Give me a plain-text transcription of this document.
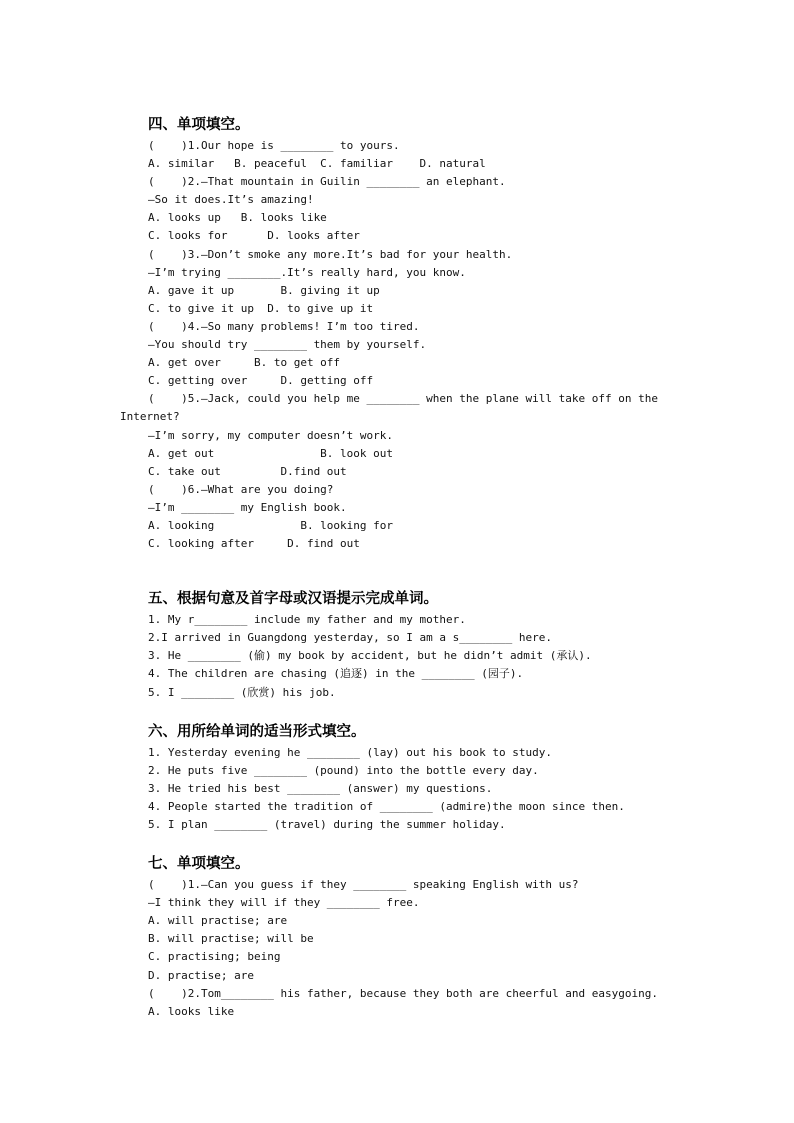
四、单项填空。
(    )1.Our hope is ________ to yours.
A. similar   B. peaceful  C. familiar    D. natural
(    )2.—That mountain in Guilin ________ an elephant.
—So it does.It’s amazing!
A. looks up   B. looks like
C. looks for      D. looks after
(    )3.—Don’t smoke any more.It’s bad for your health.
—I’m trying ________.It’s really hard, you know.
A. gave it up       B. giving it up
C. to give it up  D. to give up it
(    )4.—So many problems! I’m too tired.
—You should try ________ them by yourself.
A. get over     B. to get off
C. getting over     D. getting off
(    )5.—Jack, could you help me ________ when the plane will take off on the
Internet?
—I’m sorry, my computer doesn’t work.
A. get out                B. look out
C. take out         D.find out
(    )6.—What are you doing?
—I’m ________ my English book.
A. looking             B. looking for
C. looking after     D. find out
五、根据句意及首字母或汉语提示完成单词。
1. My r________ include my father and my mother.
2.I arrived in Guangdong yesterday, so I am a s________ here.
3. He ________ (偷) my book by accident, but he didn’t admit (承认).
4. The children are chasing (追逐) in the ________ (园子).
5. I ________ (欣赏) his job.
六、用所给单词的适当形式填空。
1. Yesterday evening he ________ (lay) out his book to study.
2. He puts five ________ (pound) into the bottle every day.
3. He tried his best ________ (answer) my questions.
4. People started the tradition of ________ (admire)the moon since then.
5. I plan ________ (travel) during the summer holiday.
七、单项填空。
(    )1.—Can you guess if they ________ speaking English with us?
—I think they will if they ________ free.
A. will practise; are
B. will practise; will be
C. practising; being
D. practise; are
(    )2.Tom________ his father, because they both are cheerful and easygoing.
A. looks like
